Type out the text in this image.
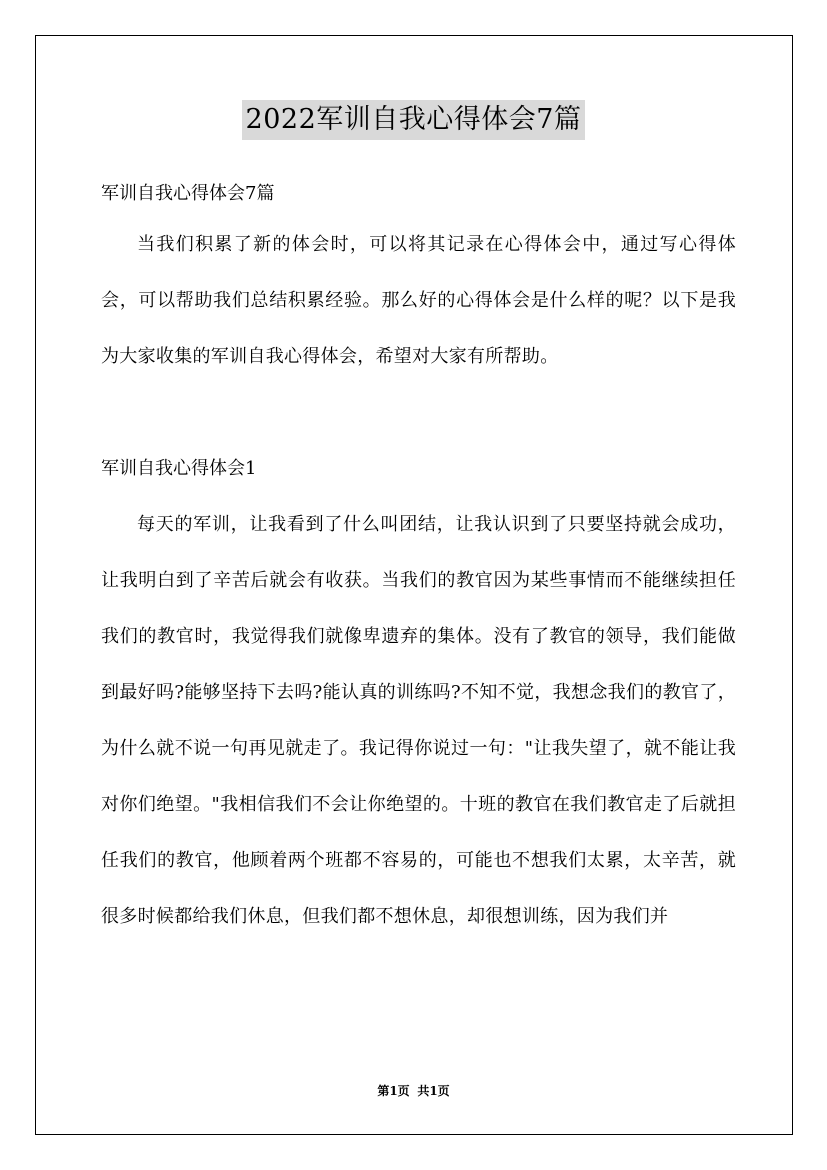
2022军训自我心得体会7篇

军训自我心得体会7篇

当我们积累了新的体会时，可以将其记录在心得体会中，通过写心得体会，可以帮助我们总结积累经验。那么好的心得体会是什么样的呢？以下是我为大家收集的军训自我心得体会，希望对大家有所帮助。

军训自我心得体会1

每天的军训，让我看到了什么叫团结，让我认识到了只要坚持就会成功，让我明白到了辛苦后就会有收获。当我们的教官因为某些事情而不能继续担任我们的教官时，我觉得我们就像卑遗弃的集体。没有了教官的领导，我们能做到最好吗?能够坚持下去吗?能认真的训练吗?不知不觉，我想念我们的教官了，为什么就不说一句再见就走了。我记得你说过一句："让我失望了，就不能让我对你们绝望。"我相信我们不会让你绝望的。十班的教官在我们教官走了后就担任我们的教官，他顾着两个班都不容易的，可能也不想我们太累，太辛苦，就很多时候都给我们休息，但我们都不想休息，却很想训练，因为我们并

第1页 共1页
